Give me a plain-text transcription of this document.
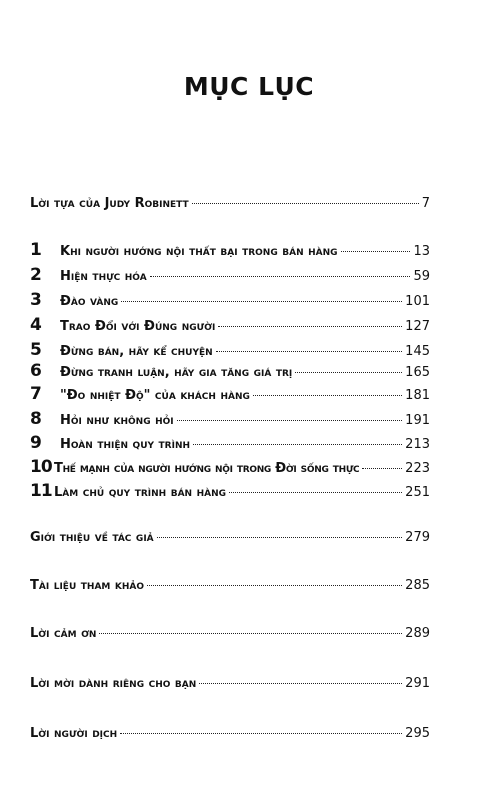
MỤC LỤC
Lời tựa của Judy Robinett	7
1	Khi người hướng nội thất bại trong bán hàng	13
2	Hiện thực hóa	59
3	Đào vàng	101
4	Trao Đổi với Đúng người	127
5	Đừng bán, hãy kể chuyện	145
6	Đừng tranh luận, hãy gia tăng giá trị	165
7	"Đo nhiệt Độ" của khách hàng	181
8	Hỏi như không hỏi	191
9	Hoàn thiện quy trình	213
10 Thế mạnh của người hướng nội trong Đời sống thực	223
11 Làm chủ quy trình bán hàng	251
Giới thiệu về tác giả	279
Tài liệu tham khảo	285
Lời cảm ơn	289
Lời mời dành riêng cho bạn	291
Lời người dịch	295
